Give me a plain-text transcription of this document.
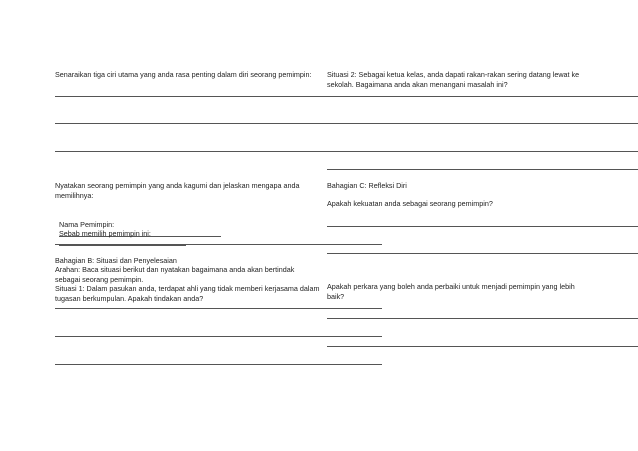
Senaraikan tiga ciri utama yang anda rasa penting dalam diri seorang pemimpin:

Nyatakan seorang pemimpin yang anda kagumi dan jelaskan mengapa anda memilihnya:

Nama Pemimpin:

Sebab memilih pemimpin ini:

Bahagian B: Situasi dan Penyelesaian

Arahan: Baca situasi berikut dan nyatakan bagaimana anda akan bertindak sebagai seorang pemimpin.

Situasi 1: Dalam pasukan anda, terdapat ahli yang tidak memberi kerjasama dalam tugasan berkumpulan. Apakah tindakan anda?

Situasi 2: Sebagai ketua kelas, anda dapati rakan-rakan sering datang lewat ke sekolah. Bagaimana anda akan menangani masalah ini?

Bahagian C: Refleksi Diri

Apakah kekuatan anda sebagai seorang pemimpin?

Apakah perkara yang boleh anda perbaiki untuk menjadi pemimpin yang lebih baik?
